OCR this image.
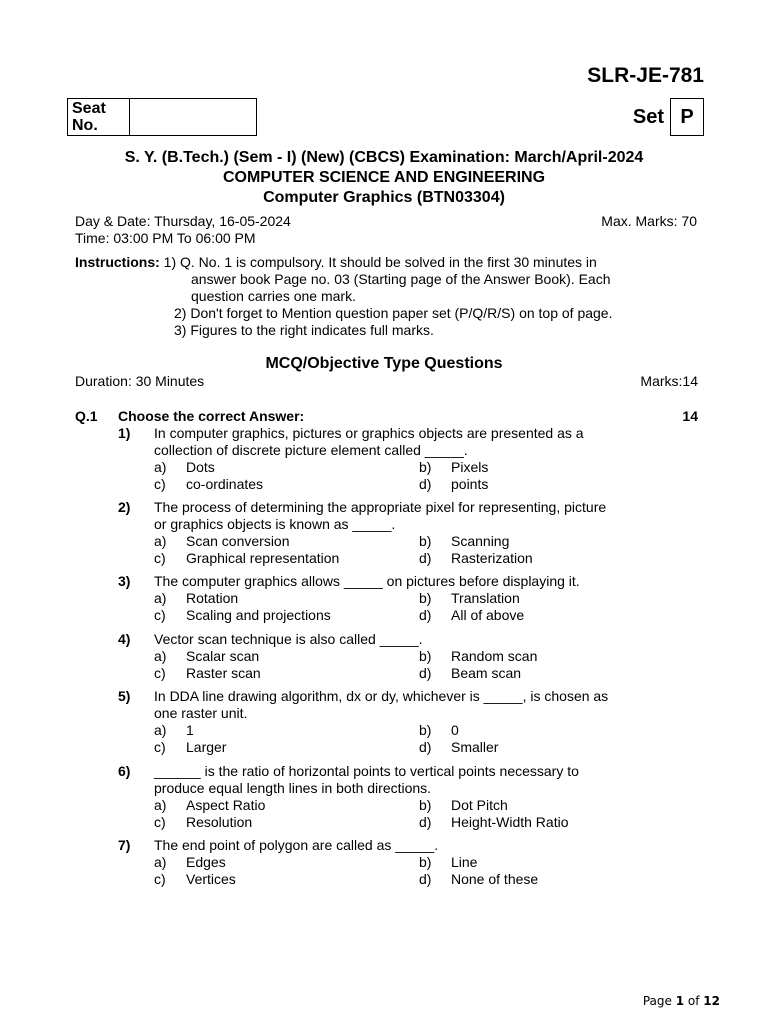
SLR-JE-781
Seat
No.	Set P
S. Y. (B.Tech.) (Sem - I) (New) (CBCS) Examination: March/April-2024
COMPUTER SCIENCE AND ENGINEERING
Computer Graphics (BTN03304)
Day & Date: Thursday, 16-05-2024	Max. Marks: 70
Time: 03:00 PM To 06:00 PM
Instructions: 1) Q. No. 1 is compulsory. It should be solved in the first 30 minutes in
answer book Page no. 03 (Starting page of the Answer Book). Each
question carries one mark.
2) Don't forget to Mention question paper set (P/Q/R/S) on top of page.
3) Figures to the right indicates full marks.
MCQ/Objective Type Questions
Duration: 30 Minutes	Marks:14
Q.1 Choose the correct Answer:	14
1) In computer graphics, pictures or graphics objects are presented as a
collection of discrete picture element called _____.
a)	Dots	b)	Pixels
c)	co-ordinates	d)	points
2) The process of determining the appropriate pixel for representing, picture
or graphics objects is known as _____.
a)	Scan conversion	b)	Scanning
c)	Graphical representation	d)	Rasterization
3) The computer graphics allows _____ on pictures before displaying it.
a)	Rotation	b)	Translation
c)	Scaling and projections	d)	All of above
4) Vector scan technique is also called _____.
a)	Scalar scan	b)	Random scan
c)	Raster scan	d)	Beam scan
5) In DDA line drawing algorithm, dx or dy, whichever is _____, is chosen as
one raster unit.
a)	1	b)	0
c)	Larger	d)	Smaller
6) ______ is the ratio of horizontal points to vertical points necessary to
produce equal length lines in both directions.
a)	Aspect Ratio	b)	Dot Pitch
c)	Resolution	d)	Height-Width Ratio
7) The end point of polygon are called as _____.
a)	Edges	b)	Line
c)	Vertices	d)	None of these
Page 1 of 12
